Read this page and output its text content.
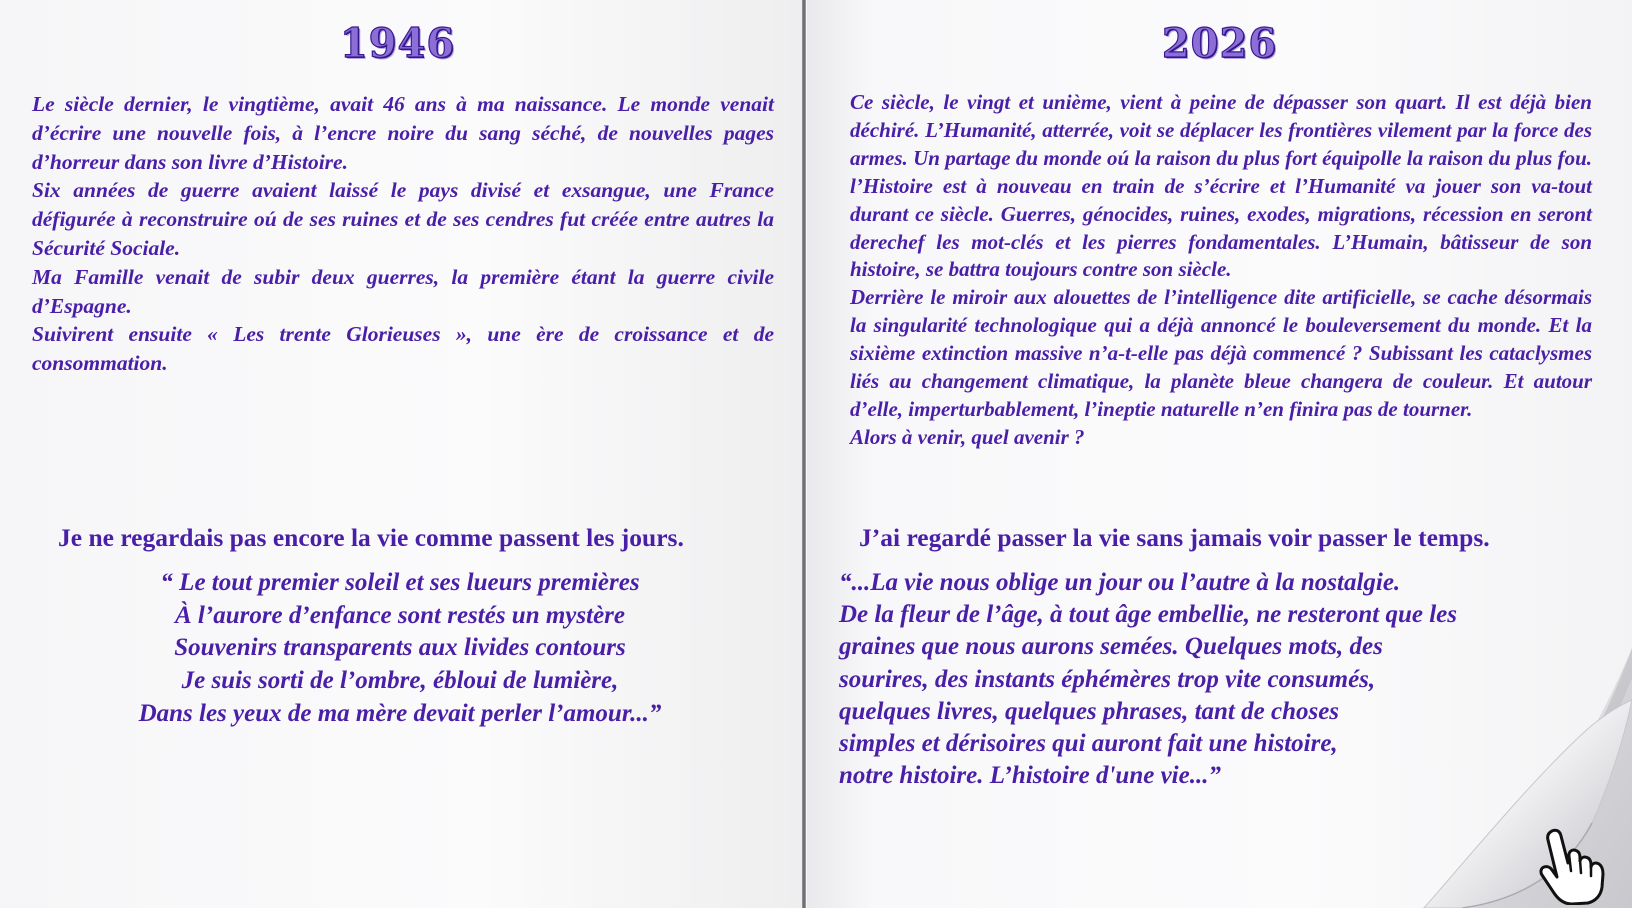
1946

Le siècle dernier, le vingtième, avait 46 ans à ma naissance. Le monde venait d’écrire une nouvelle fois, à l’encre noire du sang séché, de nouvelles pages d’horreur dans son livre d’Histoire.

Six années de guerre avaient laissé le pays divisé et exsangue, une France défigurée à reconstruire oú de ses ruines et de ses cendres fut créée entre autres la Sécurité Sociale.

Ma Famille venait de subir deux guerres, la première étant la guerre civile d’Espagne.

Suivirent ensuite « Les trente Glorieuses », une ère de croissance et de consommation.

Je ne regardais pas encore la vie comme passent les jours.
“ Le tout premier soleil et ses lueurs premières
À l’aurore d’enfance sont restés un mystère
Souvenirs transparents aux livides contours
Je suis sorti de l’ombre, ébloui de lumière,
Dans les yeux de ma mère devait perler l’amour...”
2026

Ce siècle, le vingt et unième, vient à peine de dépasser son quart. Il est déjà bien déchiré. L’Humanité, atterrée, voit se déplacer les frontières vilement par la force des armes. Un partage du monde oú la raison du plus fort équipolle la raison du plus fou. l’Histoire est à nouveau en train de s’écrire et l’Humanité va jouer son va-tout durant ce siècle. Guerres, génocides, ruines, exodes, migrations, récession en seront derechef les mot-clés et les pierres fondamentales. L’Humain, bâtisseur de son histoire, se battra toujours contre son siècle.

Derrière le miroir aux alouettes de l’intelligence dite artificielle, se cache désormais la singularité technologique qui a déjà annoncé le bouleversement du monde. Et la sixième extinction massive n’a-t-elle pas déjà commencé ? Subissant les cataclysmes liés au changement climatique, la planète bleue changera de couleur. Et autour d’elle, imperturbablement, l’ineptie naturelle n’en finira pas de tourner.

Alors à venir, quel avenir ?

J’ai regardé passer la vie sans jamais voir passer le temps.
“...La vie nous oblige un jour ou l’autre à la nostalgie.
De la fleur de l’âge, à tout âge embellie, ne resteront que les
graines que nous aurons semées. Quelques mots, des
sourires, des instants éphémères trop vite consumés,
quelques livres, quelques phrases, tant de choses
simples et dérisoires qui auront fait une histoire,
notre histoire. L’histoire d'une vie...”
